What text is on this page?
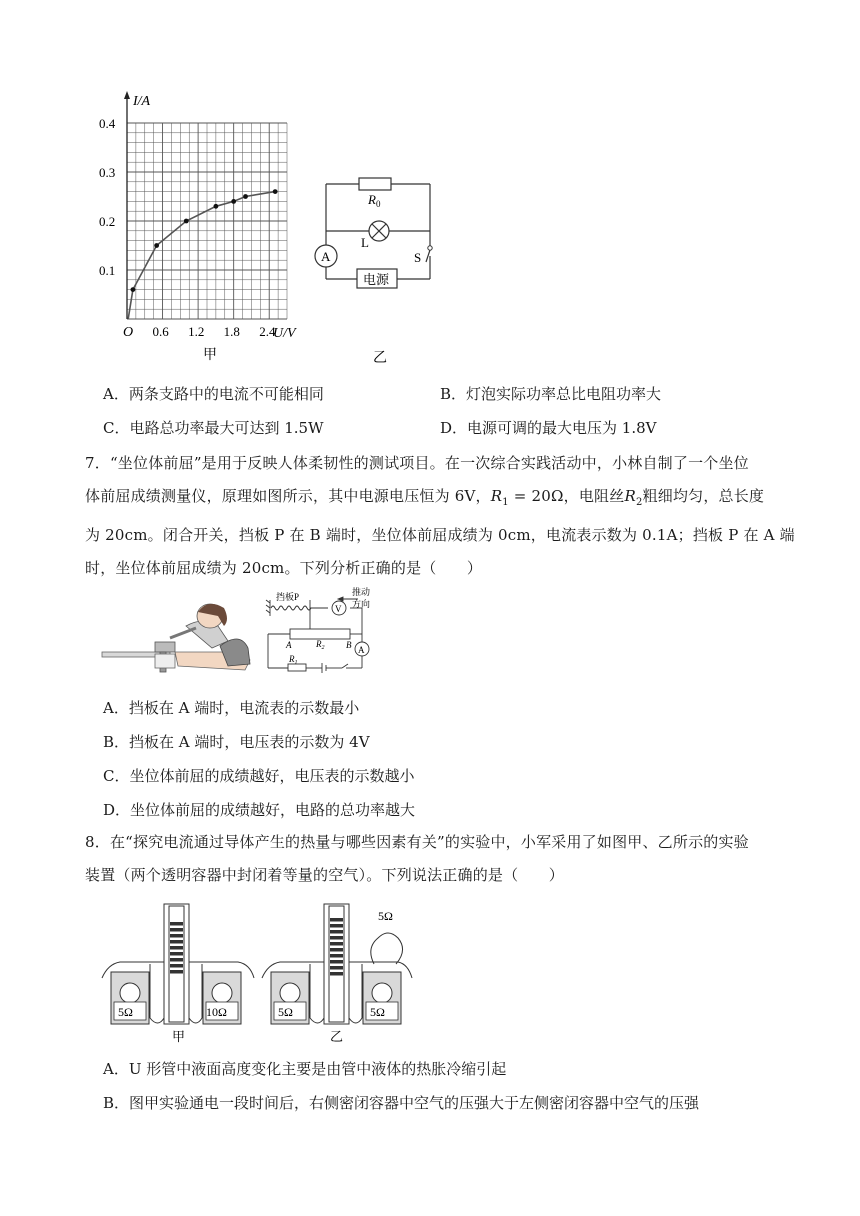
I/A
O	U/V
0.1
0.2
0.3
0.4
0.6 1.2 1.8 2.4
甲
$R_0$
L
A	S
电源
乙
A．两条支路中的电流不可能相同	B．灯泡实际功率总比电阻功率大
C．电路总功率最大可达到 1.5W	D．电源可调的最大电压为 1.8V
7．“坐位体前屈”是用于反映人体柔韧性的测试项目。在一次综合实践活动中，小林自制了一个坐位
体前屈成绩测量仪，原理如图所示，其中电源电压恒为 6V，$R_1 = 20\Omega$，电阻丝$R_2$粗细均匀，总长度
为 20cm。闭合开关，挡板 P 在 B 端时，坐位体前屈成绩为 0cm，电流表示数为 0.1A；挡板 P 在 A 端
时，坐位体前屈成绩为 20cm。下列分析正确的是（　　）
V
A
挡板P	推动
方向
A	B
$R_2$
$R_1$
A．挡板在 A 端时，电流表的示数最小
B．挡板在 A 端时，电压表的示数为 4V
C．坐位体前屈的成绩越好，电压表的示数越小
D．坐位体前屈的成绩越好，电路的总功率越大
8．在“探究电流通过导体产生的热量与哪些因素有关”的实验中，小军采用了如图甲、乙所示的实验
装置（两个透明容器中封闭着等量的空气）。下列说法正确的是（　　）
5Ω	10Ω
甲
5Ω	5Ω
5Ω
乙
A．U 形管中液面高度变化主要是由管中液体的热胀冷缩引起
B．图甲实验通电一段时间后，右侧密闭容器中空气的压强大于左侧密闭容器中空气的压强
